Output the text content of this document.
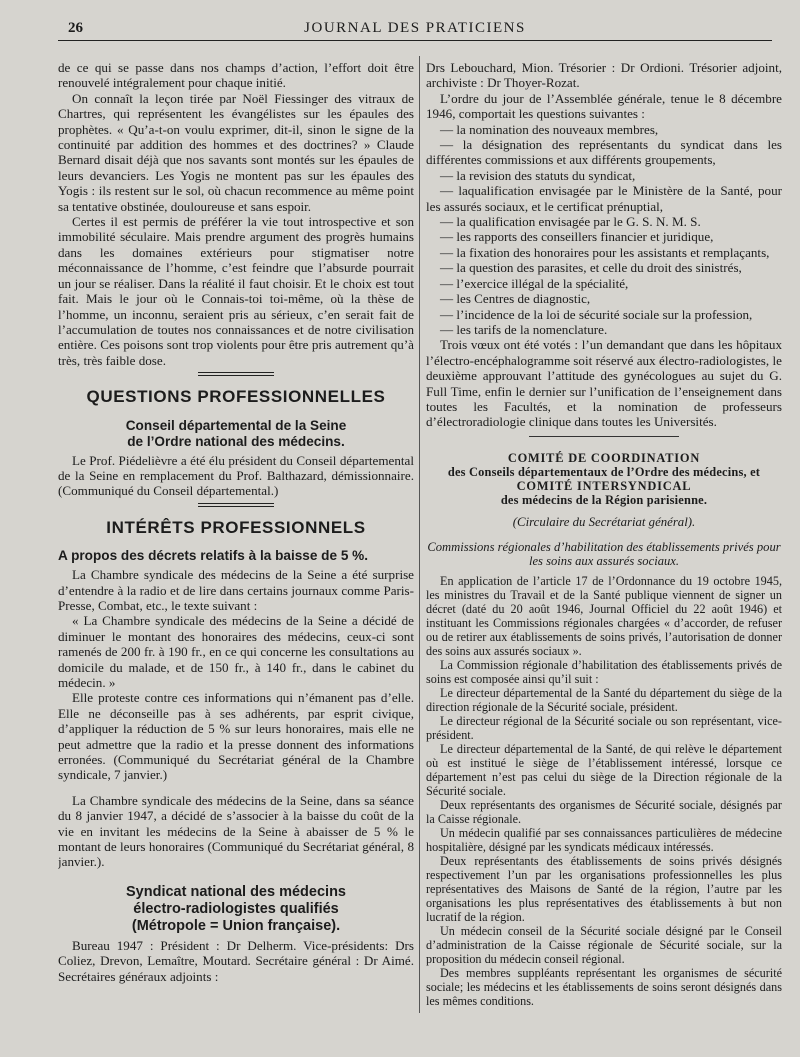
26	JOURNAL DES PRATICIENS

de ce qui se passe dans nos champs d’action, l’effort doit être renouvelé intégralement pour chaque initié.

On connaît la leçon tirée par Noël Fiessinger des vitraux de Chartres, qui représentent les évangélistes sur les épaules des prophètes. « Qu’a-t-on voulu exprimer, dit-il, sinon le signe de la continuité par addition des hommes et des doctrines? » Claude Bernard disait déjà que nos savants sont montés sur les épaules de leurs devanciers. Les Yogis ne montent pas sur les épaules des Yogis : ils restent sur le sol, où chacun recommence au même point sa tentative obstinée, douloureuse et sans espoir.

Certes il est permis de préférer la vie tout introspective et son immobilité séculaire. Mais prendre argument des progrès humains dans les domaines extérieurs pour stigmatiser notre méconnaissance de l’homme, c’est feindre que l’absurde pourrait un jour se réaliser. Dans la réalité il faut choisir. Et le choix est tout fait. Mais le jour où le Connais-toi toi-même, où la thèse de l’homme, un inconnu, seraient pris au sérieux, c’en serait fait de l’accumulation de toutes nos connaissances et de notre civilisation entière. Ces poisons sont trop violents pour être pris autrement qu’à très, très faible dose.

QUESTIONS PROFESSIONNELLES
Conseil départemental de la Seine
de l’Ordre national des médecins.

Le Prof. Piédelièvre a été élu président du Conseil départemental de la Seine en remplacement du Prof. Balthazard, démissionnaire. (Communiqué du Conseil départemental.)

INTÉRÊTS PROFESSIONNELS
A propos des décrets relatifs à la baisse de 5 %.

La Chambre syndicale des médecins de la Seine a été surprise d’entendre à la radio et de lire dans certains journaux comme Paris-Presse, Combat, etc., le texte suivant :

« La Chambre syndicale des médecins de la Seine a décidé de diminuer le montant des honoraires des médecins, ceux-ci sont ramenés de 200 fr. à 190 fr., en ce qui concerne les consultations au domicile du malade, et de 150 fr., à 140 fr., dans le cabinet du médecin. »

Elle proteste contre ces informations qui n’émanent pas d’elle. Elle ne déconseille pas à ses adhérents, par esprit civique, d’appliquer la réduction de 5 % sur leurs honoraires, mais elle ne peut admettre que la radio et la presse donnent des informations erronées. (Communiqué du Secrétariat général de la Chambre syndicale, 7 janvier.)

La Chambre syndicale des médecins de la Seine, dans sa séance du 8 janvier 1947, a décidé de s’associer à la baisse du coût de la vie en invitant les médecins de la Seine à abaisser de 5 % le montant de leurs honoraires (Communiqué du Secrétariat général, 8 janvier.).

Syndicat national des médecins
électro-radiologistes qualifiés
(Métropole = Union française).

Bureau 1947 : Président : Dr Delherm. Vice-présidents: Drs Coliez, Drevon, Lemaître, Moutard. Secrétaire général : Dr Aimé. Secrétaires généraux adjoints :

Drs Lebouchard, Mion. Trésorier : Dr Ordioni. Trésorier adjoint, archiviste : Dr Thoyer-Rozat.

L’ordre du jour de l’Assemblée générale, tenue le 8 décembre 1946, comportait les questions suivantes :

— la nomination des nouveaux membres,

— la désignation des représentants du syndicat dans les différentes commissions et aux différents groupements,

— la revision des statuts du syndicat,

— laqualification envisagée par le Ministère de la Santé, pour les assurés sociaux, et le certificat prénuptial,

— la qualification envisagée par le G. S. N. M. S.

— les rapports des conseillers financier et juridique,

— la fixation des honoraires pour les assistants et remplaçants,

— la question des parasites, et celle du droit des sinistrés,

— l’exercice illégal de la spécialité,

— les Centres de diagnostic,

— l’incidence de la loi de sécurité sociale sur la profession,

— les tarifs de la nomenclature.

Trois vœux ont été votés : l’un demandant que dans les hôpitaux l’électro-encéphalogramme soit réservé aux électro-radiologistes, le deuxième approuvant l’attitude des gynécologues au sujet du G. Full Time, enfin le dernier sur l’unification de l’enseignement dans toutes les Facultés, et la nomination de professeurs d’électroradiologie clinique dans toutes les Universités.

COMITÉ DE COORDINATION
des Conseils départementaux de l’Ordre des médecins, et
COMITÉ INTERSYNDICAL
des médecins de la Région parisienne.
(Circulaire du Secrétariat général).
Commissions régionales d’habilitation des établissements privés pour les soins aux assurés sociaux.

En application de l’article 17 de l’Ordonnance du 19 octobre 1945, les ministres du Travail et de la Santé publique viennent de signer un décret (daté du 20 août 1946, Journal Officiel du 22 août 1946) et instituant les Commissions régionales chargées « d’accorder, de refuser ou de retirer aux établissements de soins privés, l’autorisation de donner des soins aux assurés sociaux ».

La Commission régionale d’habilitation des établissements privés de soins est composée ainsi qu’il suit :

Le directeur départemental de la Santé du département du siège de la direction régionale de la Sécurité sociale, président.

Le directeur régional de la Sécurité sociale ou son représentant, vice-président.

Le directeur départemental de la Santé, de qui relève le département où est institué le siège de l’établissement intéressé, lorsque ce département n’est pas celui du siège de la Direction régionale de la Sécurité sociale.

Deux représentants des organismes de Sécurité sociale, désignés par la Caisse régionale.

Un médecin qualifié par ses connaissances particulières de médecine hospitalière, désigné par les syndicats médicaux intéressés.

Deux représentants des établissements de soins privés désignés respectivement l’un par les organisations professionnelles les plus représentatives des Maisons de Santé de la région, l’autre par les organisations les plus représentatives des établissements à but non lucratif de la région.

Un médecin conseil de la Sécurité sociale désigné par le Conseil d’administration de la Caisse régionale de Sécurité sociale, sur la proposition du médecin conseil régional.

Des membres suppléants représentant les organismes de sécurité sociale; les médecins et les établissements de soins seront désignés dans les mêmes conditions.
